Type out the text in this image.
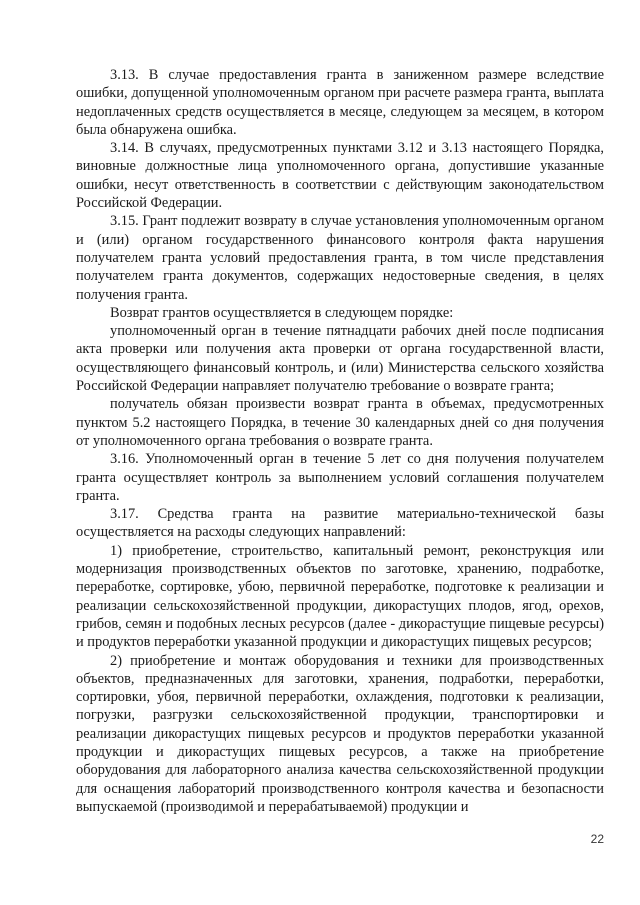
3.13. В случае предоставления гранта в заниженном размере вследствие ошибки, допущенной уполномоченным органом при расчете размера гранта, выплата недоплаченных средств осуществляется в месяце, следующем за месяцем, в котором была обнаружена ошибка.

3.14. В случаях, предусмотренных пунктами 3.12 и 3.13 настоящего Порядка, виновные должностные лица уполномоченного органа, допустившие указанные ошибки, несут ответственность в соответствии с действующим законодательством Российской Федерации.

3.15. Грант подлежит возврату в случае установления уполномоченным органом и (или) органом государственного финансового контроля факта нарушения получателем гранта условий предоставления гранта, в том числе представления получателем гранта документов, содержащих недостоверные сведения, в целях получения гранта.

Возврат грантов осуществляется в следующем порядке:

уполномоченный орган в течение пятнадцати рабочих дней после подписания акта проверки или получения акта проверки от органа государственной власти, осуществляющего финансовый контроль, и (или) Министерства сельского хозяйства Российской Федерации направляет получателю требование о возврате гранта;

получатель обязан произвести возврат гранта в объемах, предусмотренных пунктом 5.2 настоящего Порядка, в течение 30 календарных дней со дня получения от уполномоченного органа требования о возврате гранта.

3.16. Уполномоченный орган в течение 5 лет со дня получения получателем гранта осуществляет контроль за выполнением условий соглашения получателем гранта.

3.17. Средства гранта на развитие материально-технической базы осуществляется на расходы следующих направлений:

1) приобретение, строительство, капитальный ремонт, реконструкция или модернизация производственных объектов по заготовке, хранению, подработке, переработке, сортировке, убою, первичной переработке, подготовке к реализации и реализации сельскохозяйственной продукции, дикорастущих плодов, ягод, орехов, грибов, семян и подобных лесных ресурсов (далее - дикорастущие пищевые ресурсы) и продуктов переработки указанной продукции и дикорастущих пищевых ресурсов;

2) приобретение и монтаж оборудования и техники для производственных объектов, предназначенных для заготовки, хранения, подработки, переработки, сортировки, убоя, первичной переработки, охлаждения, подготовки к реализации, погрузки, разгрузки сельскохозяйственной продукции, транспортировки и реализации дикорастущих пищевых ресурсов и продуктов переработки указанной продукции и дикорастущих пищевых ресурсов, а также на приобретение оборудования для лабораторного анализа качества сельскохозяйственной продукции для оснащения лабораторий производственного контроля качества и безопасности выпускаемой (производимой и перерабатываемой) продукции и

22
